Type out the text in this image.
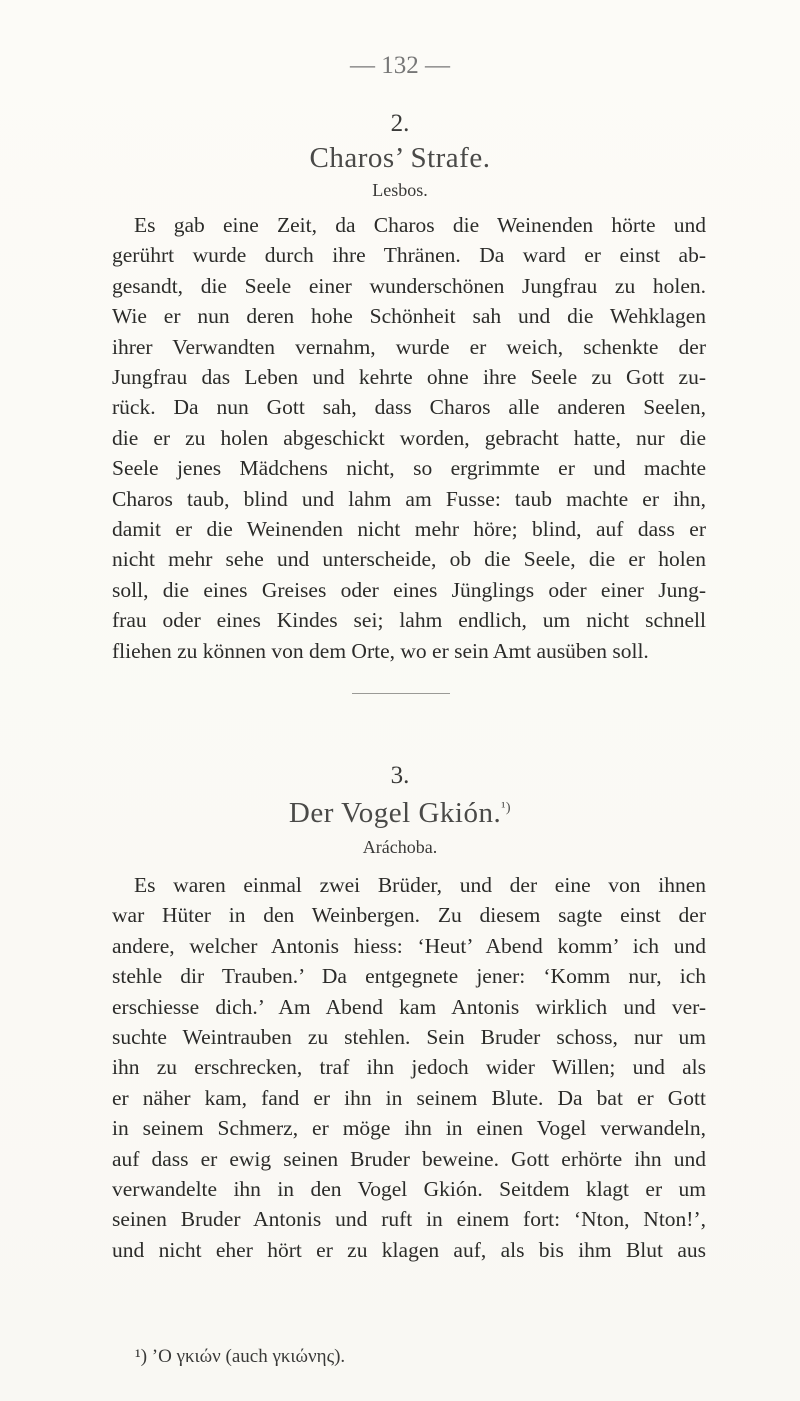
— 132 —
2.
Charos’ Strafe.
Lesbos.
Es gab eine Zeit, da Charos die Weinenden hörte und
gerührt wurde durch ihre Thränen. Da ward er einst ab-
gesandt, die Seele einer wunderschönen Jungfrau zu holen.
Wie er nun deren hohe Schönheit sah und die Wehklagen
ihrer Verwandten vernahm, wurde er weich, schenkte der
Jungfrau das Leben und kehrte ohne ihre Seele zu Gott zu-
rück. Da nun Gott sah, dass Charos alle anderen Seelen,
die er zu holen abgeschickt worden, gebracht hatte, nur die
Seele jenes Mädchens nicht, so ergrimmte er und machte
Charos taub, blind und lahm am Fusse: taub machte er ihn,
damit er die Weinenden nicht mehr höre; blind, auf dass er
nicht mehr sehe und unterscheide, ob die Seele, die er holen
soll, die eines Greises oder eines Jünglings oder einer Jung-
frau oder eines Kindes sei; lahm endlich, um nicht schnell
fliehen zu können von dem Orte, wo er sein Amt ausüben soll.
3.
Der Vogel Gkión.$^{^1)}$
Aráchoba.
Es waren einmal zwei Brüder, und der eine von ihnen
war Hüter in den Weinbergen. Zu diesem sagte einst der
andere, welcher Antonis hiess: ‘Heut’ Abend komm’ ich und
stehle dir Trauben.’ Da entgegnete jener: ‘Komm nur, ich
erschiesse dich.’ Am Abend kam Antonis wirklich und ver-
suchte Weintrauben zu stehlen. Sein Bruder schoss, nur um
ihn zu erschrecken, traf ihn jedoch wider Willen; und als
er näher kam, fand er ihn in seinem Blute. Da bat er Gott
in seinem Schmerz, er möge ihn in einen Vogel verwandeln,
auf dass er ewig seinen Bruder beweine. Gott erhörte ihn und
verwandelte ihn in den Vogel Gkión. Seitdem klagt er um
seinen Bruder Antonis und ruft in einem fort: ‘Nton, Nton!’,
und nicht eher hört er zu klagen auf, als bis ihm Blut aus
¹) ’O γκιών (auch γκιώνης).
